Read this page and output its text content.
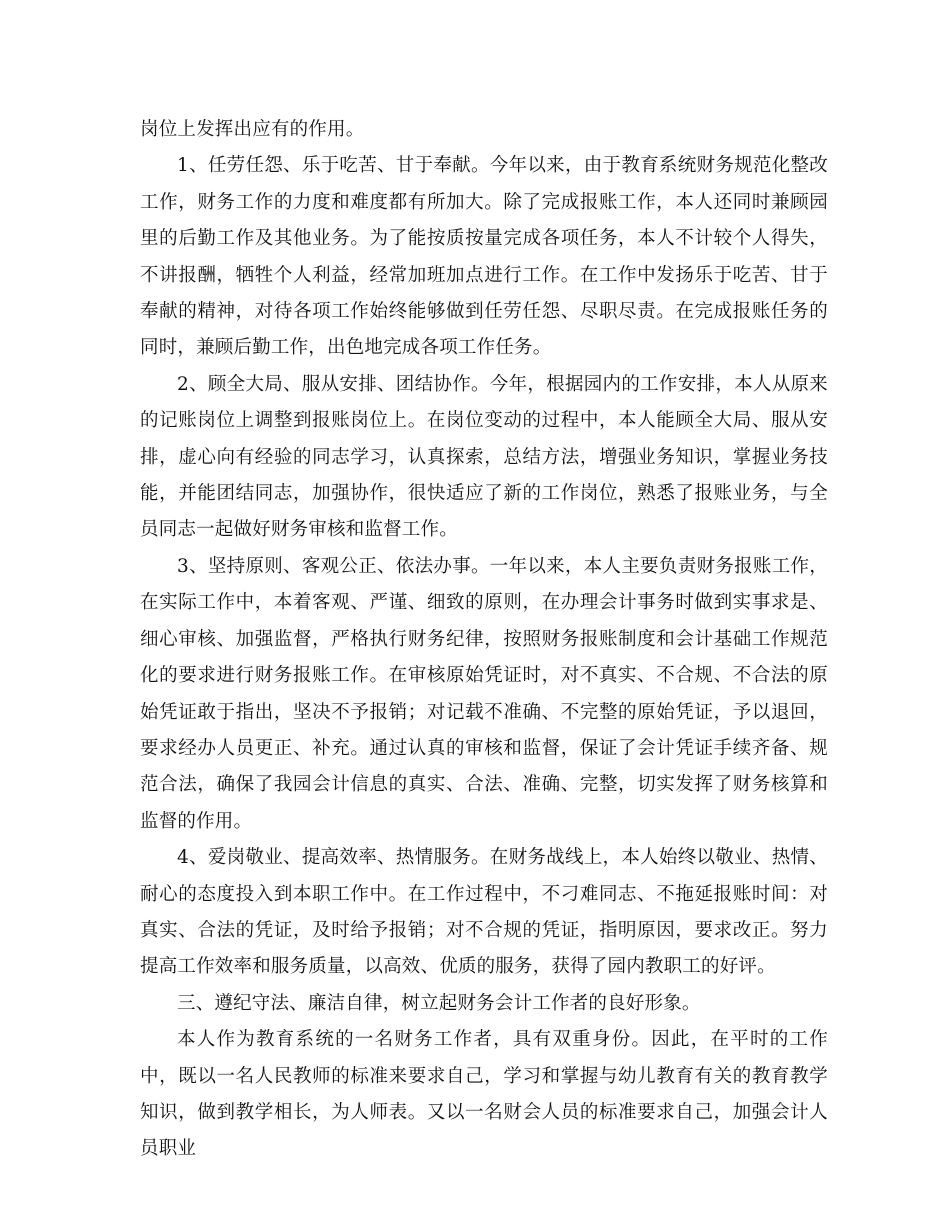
岗位上发挥出应有的作用。

1、任劳任怨、乐于吃苦、甘于奉献。今年以来，由于教育系统财务规范化整改工作，财务工作的力度和难度都有所加大。除了完成报账工作，本人还同时兼顾园里的后勤工作及其他业务。为了能按质按量完成各项任务，本人不计较个人得失，不讲报酬，牺牲个人利益，经常加班加点进行工作。在工作中发扬乐于吃苦、甘于奉献的精神，对待各项工作始终能够做到任劳任怨、尽职尽责。在完成报账任务的同时，兼顾后勤工作，出色地完成各项工作任务。

2、顾全大局、服从安排、团结协作。今年，根据园内的工作安排，本人从原来的记账岗位上调整到报账岗位上。在岗位变动的过程中，本人能顾全大局、服从安排，虚心向有经验的同志学习，认真探索，总结方法，增强业务知识，掌握业务技能，并能团结同志，加强协作，很快适应了新的工作岗位，熟悉了报账业务，与全员同志一起做好财务审核和监督工作。

3、坚持原则、客观公正、依法办事。一年以来，本人主要负责财务报账工作，在实际工作中，本着客观、严谨、细致的原则，在办理会计事务时做到实事求是、细心审核、加强监督，严格执行财务纪律，按照财务报账制度和会计基础工作规范化的要求进行财务报账工作。在审核原始凭证时，对不真实、不合规、不合法的原始凭证敢于指出，坚决不予报销；对记载不准确、不完整的原始凭证，予以退回，要求经办人员更正、补充。通过认真的审核和监督，保证了会计凭证手续齐备、规范合法，确保了我园会计信息的真实、合法、准确、完整，切实发挥了财务核算和监督的作用。

4、爱岗敬业、提高效率、热情服务。在财务战线上，本人始终以敬业、热情、耐心的态度投入到本职工作中。在工作过程中，不刁难同志、不拖延报账时间：对真实、合法的凭证，及时给予报销；对不合规的凭证，指明原因，要求改正。努力提高工作效率和服务质量，以高效、优质的服务，获得了园内教职工的好评。

三、遵纪守法、廉洁自律，树立起财务会计工作者的良好形象。

本人作为教育系统的一名财务工作者，具有双重身份。因此，在平时的工作中，既以一名人民教师的标准来要求自己，学习和掌握与幼儿教育有关的教育教学知识，做到教学相长，为人师表。又以一名财会人员的标准要求自己，加强会计人员职业
